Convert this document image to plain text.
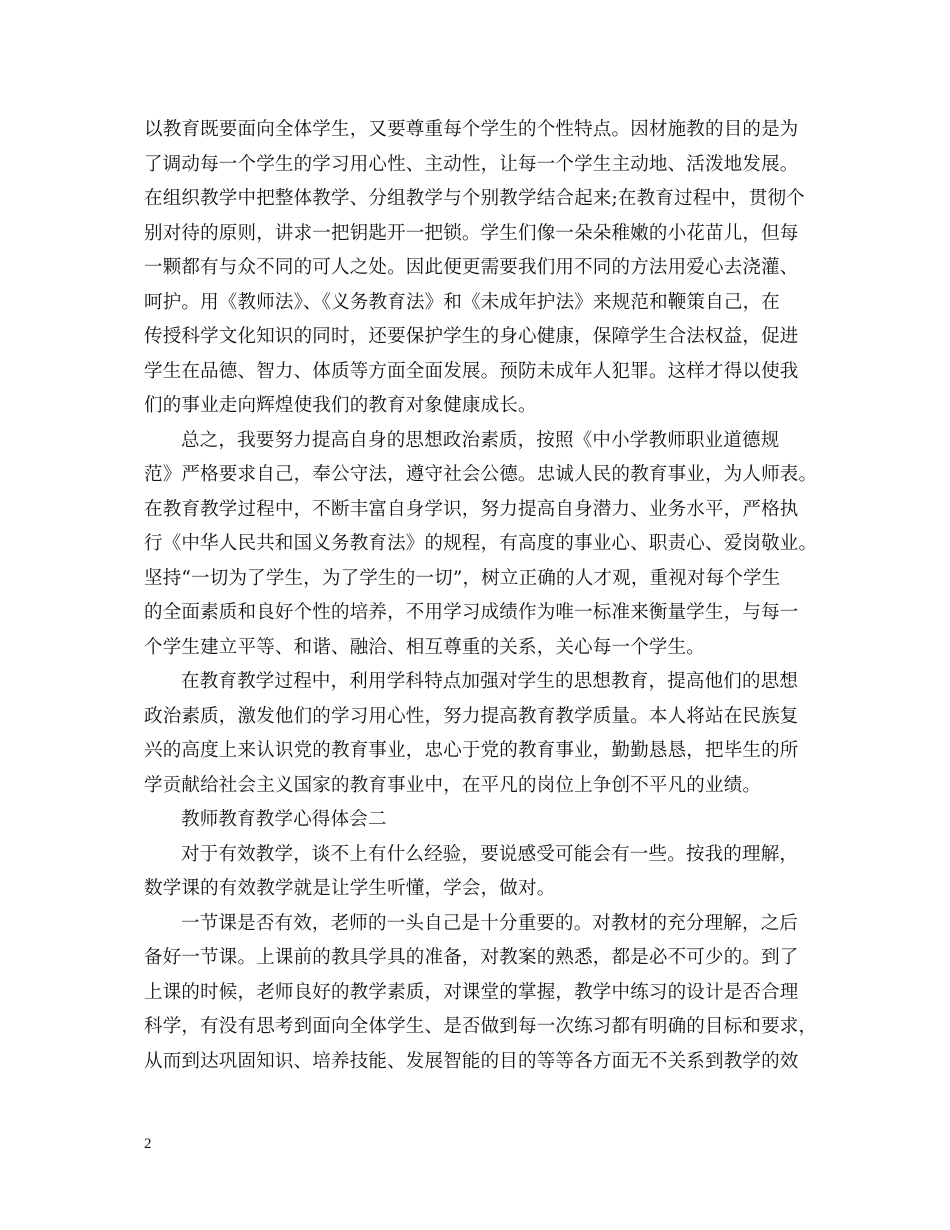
以教育既要面向全体学生，又要尊重每个学生的个性特点。因材施教的目的是为
了调动每一个学生的学习用心性、主动性，让每一个学生主动地、活泼地发展。
在组织教学中把整体教学、分组教学与个别教学结合起来;在教育过程中，贯彻个
别对待的原则，讲求一把钥匙开一把锁。学生们像一朵朵稚嫩的小花苗儿，但每
一颗都有与众不同的可人之处。因此便更需要我们用不同的方法用爱心去浇灌、
呵护。用《教师法》、《义务教育法》和《未成年护法》来规范和鞭策自己，在
传授科学文化知识的同时，还要保护学生的身心健康，保障学生合法权益，促进
学生在品德、智力、体质等方面全面发展。预防未成年人犯罪。这样才得以使我
们的事业走向辉煌使我们的教育对象健康成长。
总之，我要努力提高自身的思想政治素质，按照《中小学教师职业道德规
范》严格要求自己，奉公守法，遵守社会公德。忠诚人民的教育事业，为人师表。
在教育教学过程中，不断丰富自身学识，努力提高自身潜力、业务水平，严格执
行《中华人民共和国义务教育法》的规程，有高度的事业心、职责心、爱岗敬业。
坚持“一切为了学生，为了学生的一切”，树立正确的人才观，重视对每个学生
的全面素质和良好个性的培养，不用学习成绩作为唯一标准来衡量学生，与每一
个学生建立平等、和谐、融洽、相互尊重的关系，关心每一个学生。
在教育教学过程中，利用学科特点加强对学生的思想教育，提高他们的思想
政治素质，激发他们的学习用心性，努力提高教育教学质量。本人将站在民族复
兴的高度上来认识党的教育事业，忠心于党的教育事业，勤勤恳恳，把毕生的所
学贡献给社会主义国家的教育事业中，在平凡的岗位上争创不平凡的业绩。
教师教育教学心得体会二
对于有效教学，谈不上有什么经验，要说感受可能会有一些。按我的理解，
数学课的有效教学就是让学生听懂，学会，做对。
一节课是否有效，老师的一头自己是十分重要的。对教材的充分理解，之后
备好一节课。上课前的教具学具的准备，对教案的熟悉，都是必不可少的。到了
上课的时候，老师良好的教学素质，对课堂的掌握，教学中练习的设计是否合理
科学，有没有思考到面向全体学生、是否做到每一次练习都有明确的目标和要求，
从而到达巩固知识、培养技能、发展智能的目的等等各方面无不关系到教学的效
2
